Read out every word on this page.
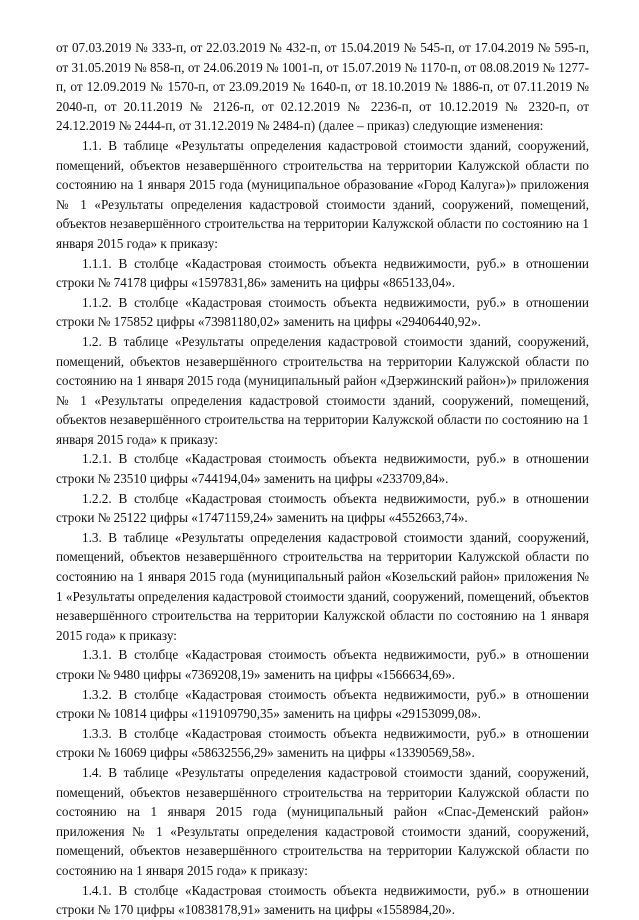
от 07.03.2019 № 333-п, от 22.03.2019 № 432-п, от 15.04.2019 № 545-п, от 17.04.2019 № 595-п, от 31.05.2019 № 858-п, от 24.06.2019 № 1001-п, от 15.07.2019 № 1170-п, от 08.08.2019 № 1277-п, от 12.09.2019 № 1570-п, от 23.09.2019 № 1640-п, от 18.10.2019 № 1886-п, от 07.11.2019 № 2040-п, от 20.11.2019 № 2126-п, от 02.12.2019 № 2236-п, от 10.12.2019 № 2320-п, от 24.12.2019 № 2444-п, от 31.12.2019 № 2484-п) (далее – приказ) следующие изменения:

1.1. В таблице «Результаты определения кадастровой стоимости зданий, сооружений, помещений, объектов незавершённого строительства на территории Калужской области по состоянию на 1 января 2015 года (муниципальное образование «Город Калуга»)» приложения № 1 «Результаты определения кадастровой стоимости зданий, сооружений, помещений, объектов незавершённого строительства на территории Калужской области по состоянию на 1 января 2015 года» к приказу:

1.1.1. В столбце «Кадастровая стоимость объекта недвижимости, руб.» в отношении строки № 74178 цифры «1597831,86» заменить на цифры «865133,04».

1.1.2. В столбце «Кадастровая стоимость объекта недвижимости, руб.» в отношении строки № 175852 цифры «73981180,02» заменить на цифры «29406440,92».

1.2. В таблице «Результаты определения кадастровой стоимости зданий, сооружений, помещений, объектов незавершённого строительства на территории Калужской области по состоянию на 1 января 2015 года (муниципальный район «Дзержинский район»)» приложения № 1 «Результаты определения кадастровой стоимости зданий, сооружений, помещений, объектов незавершённого строительства на территории Калужской области по состоянию на 1 января 2015 года» к приказу:

1.2.1. В столбце «Кадастровая стоимость объекта недвижимости, руб.» в отношении строки № 23510 цифры «744194,04» заменить на цифры «233709,84».

1.2.2. В столбце «Кадастровая стоимость объекта недвижимости, руб.» в отношении строки № 25122 цифры «17471159,24» заменить на цифры «4552663,74».

1.3. В таблице «Результаты определения кадастровой стоимости зданий, сооружений, помещений, объектов незавершённого строительства на территории Калужской области по состоянию на 1 января 2015 года (муниципальный район «Козельский район» приложения № 1 «Результаты определения кадастровой стоимости зданий, сооружений, помещений, объектов незавершённого строительства на территории Калужской области по состоянию на 1 января 2015 года» к приказу:

1.3.1. В столбце «Кадастровая стоимость объекта недвижимости, руб.» в отношении строки № 9480 цифры «7369208,19» заменить на цифры «1566634,69».

1.3.2. В столбце «Кадастровая стоимость объекта недвижимости, руб.» в отношении строки № 10814 цифры «119109790,35» заменить на цифры «29153099,08».

1.3.3. В столбце «Кадастровая стоимость объекта недвижимости, руб.» в отношении строки № 16069 цифры «58632556,29» заменить на цифры «13390569,58».

1.4. В таблице «Результаты определения кадастровой стоимости зданий, сооружений, помещений, объектов незавершённого строительства на территории Калужской области по состоянию на 1 января 2015 года (муниципальный район «Спас-Деменский район» приложения № 1 «Результаты определения кадастровой стоимости зданий, сооружений, помещений, объектов незавершённого строительства на территории Калужской области по состоянию на 1 января 2015 года» к приказу:

1.4.1. В столбце «Кадастровая стоимость объекта недвижимости, руб.» в отношении строки № 170 цифры «10838178,91» заменить на цифры «1558984,20».
